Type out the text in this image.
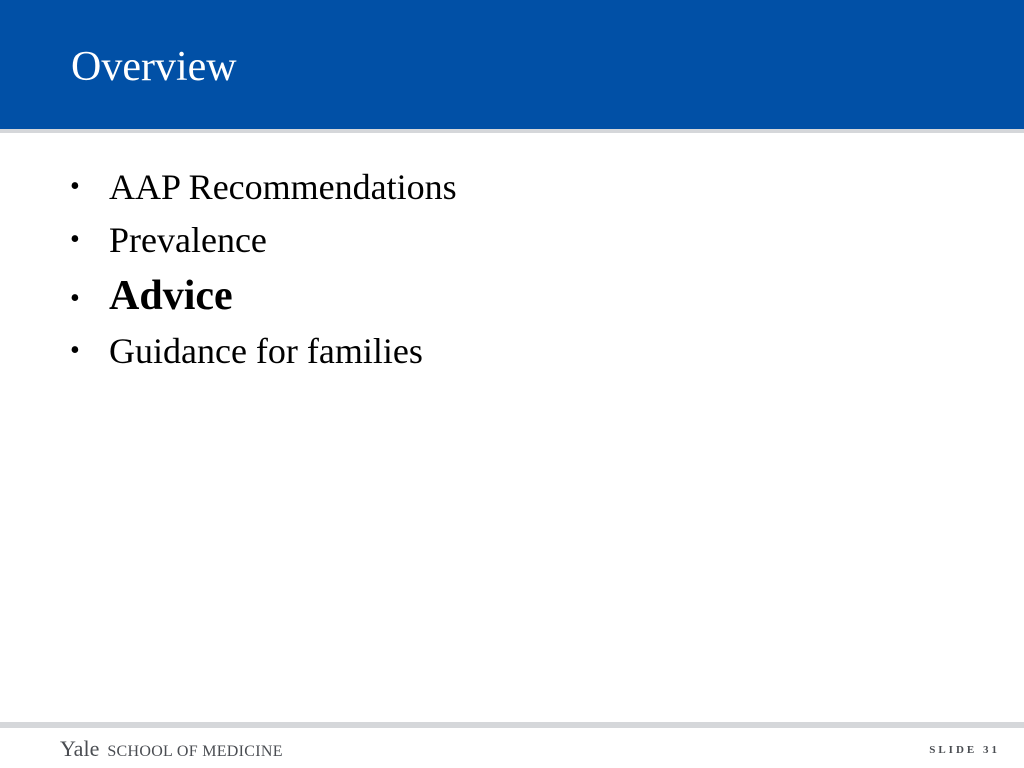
Overview
• AAP Recommendations
• Prevalence
• Advice
• Guidance for families
Yale SCHOOL OF MEDICINE	SLIDE 31
